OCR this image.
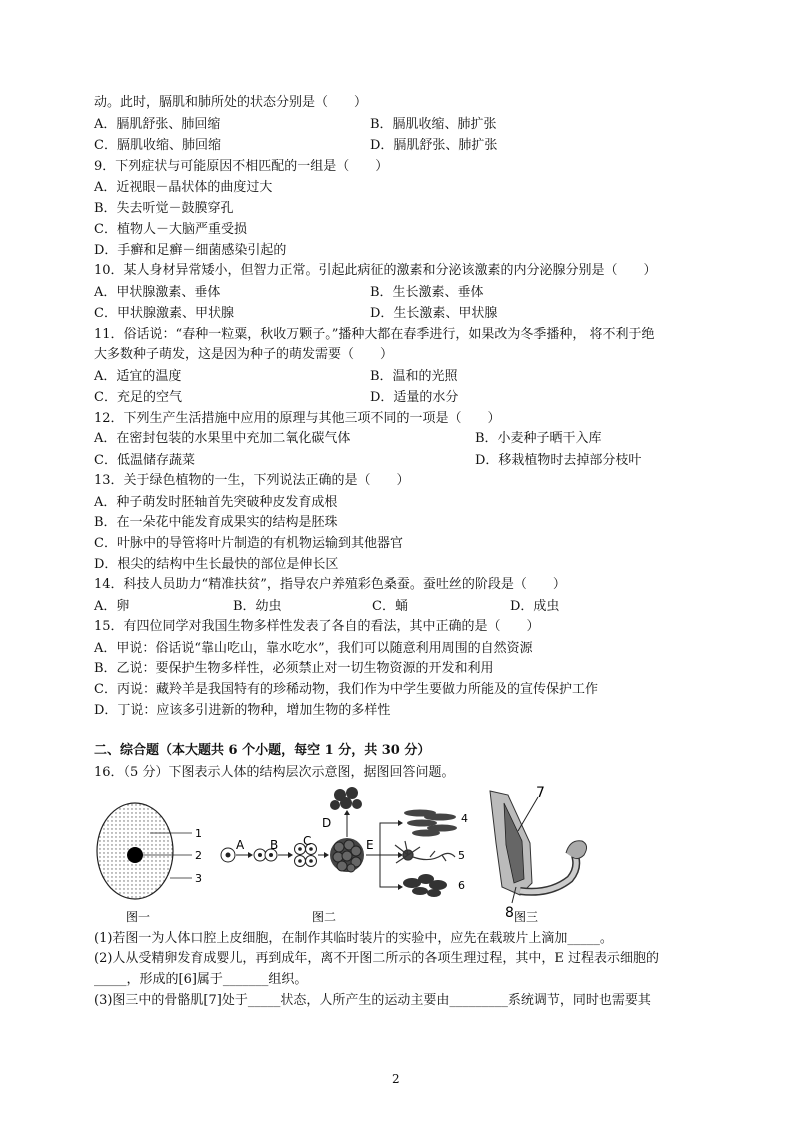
动。此时，膈肌和肺所处的状态分别是（　　）
A．膈肌舒张、肺回缩	B．膈肌收缩、肺扩张
C．膈肌收缩、肺回缩	D．膈肌舒张、肺扩张
9．下列症状与可能原因不相匹配的一组是（　　）
A．近视眼－晶状体的曲度过大
B．失去听觉－鼓膜穿孔
C．植物人－大脑严重受损
D．手癣和足癣－细菌感染引起的
10．某人身材异常矮小，但智力正常。引起此病征的激素和分泌该激素的内分泌腺分别是（　　）
A．甲状腺激素、垂体	B．生长激素、垂体
C．甲状腺激素、甲状腺	D．生长激素、甲状腺
11．俗话说：“春种一粒粟，秋收万颗子。”播种大都在春季进行，如果改为冬季播种， 将不利于绝
大多数种子萌发，这是因为种子的萌发需要（　　）
A．适宜的温度	B．温和的光照
C．充足的空气	D．适量的水分
12．下列生产生活措施中应用的原理与其他三项不同的一项是（　　）
A．在密封包装的水果里中充加二氧化碳气体	B．小麦种子晒干入库
C．低温储存蔬菜	D．移栽植物时去掉部分枝叶
13．关于绿色植物的一生，下列说法正确的是（　　）
A．种子萌发时胚轴首先突破种皮发育成根
B．在一朵花中能发育成果实的结构是胚珠
C．叶脉中的导管将叶片制造的有机物运输到其他器官
D．根尖的结构中生长最快的部位是伸长区
14．科技人员助力“精准扶贫”，指导农户养殖彩色桑蚕。蚕吐丝的阶段是（　　）
A．卵	B．幼虫	C．蛹	D．成虫
15．有四位同学对我国生物多样性发表了各自的看法，其中正确的是（　　）
A．甲说：俗话说“靠山吃山，靠水吃水”，我们可以随意利用周围的自然资源
B．乙说：要保护生物多样性，必须禁止对一切生物资源的开发和利用
C．丙说：藏羚羊是我国特有的珍稀动物，我们作为中学生要做力所能及的宣传保护工作
D．丁说：应该多引进新的物种，增加生物的多样性
二、综合题（本大题共 6 个小题，每空 1 分，共 30 分）
16．（5 分）下图表示人体的结构层次示意图，据图回答问题。
1
2
3
图一
A B C
D
E
4
5
6
图二
7
8 图三
(1)若图一为人体口腔上皮细胞，在制作其临时装片的实验中，应先在载玻片上滴加_____。
(2)人从受精卵发育成婴儿，再到成年，离不开图二所示的各项生理过程，其中，E 过程表示细胞的
_____，形成的[6]属于_______组织。
(3)图三中的骨骼肌[7]处于_____状态，人所产生的运动主要由_________系统调节，同时也需要其
2
